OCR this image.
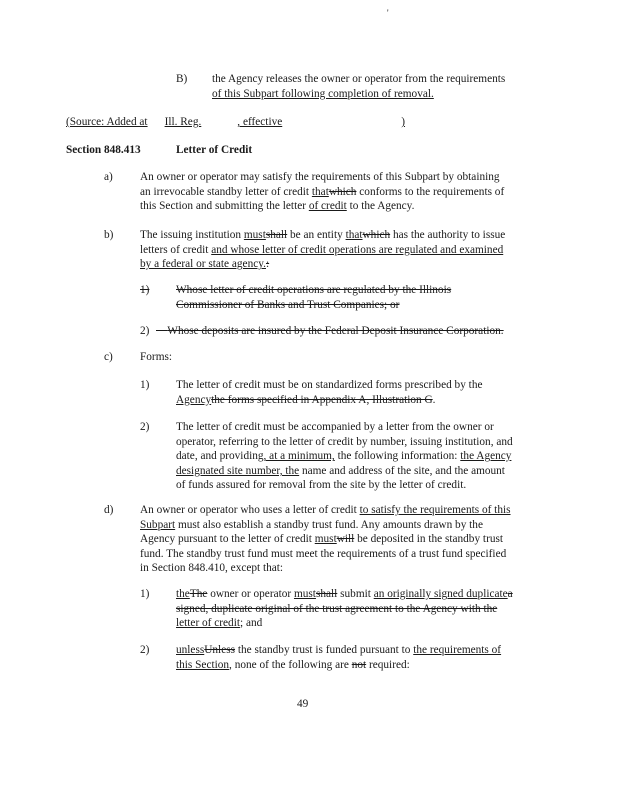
'
B) the Agency releases the owner or operator from the requirements
of this Subpart following completion of removal.
(Source: Added at Ill. Reg.	, effective	)
Section 848.413	Letter of Credit
a) An owner or operator may satisfy the requirements of this Subpart by obtaining
an irrevocable standby letter of credit thatwhich conforms to the requirements of
this Section and submitting the letter of credit to the Agency.
b) The issuing institution mustshall be an entity thatwhich has the authority to issue
letters of credit and whose letter of credit operations are regulated and examined
by a federal or state agency.:
1) Whose letter of credit operations are regulated by the Illinois
Commissioner of Banks and Trust Companies; or
2)	Whose deposits are insured by the Federal Deposit Insurance Corporation.
c) Forms:
1) The letter of credit must be on standardized forms prescribed by the
Agencythe forms specified in Appendix A, Illustration G.
2) The letter of credit must be accompanied by a letter from the owner or
operator, referring to the letter of credit by number, issuing institution, and
date, and providing, at a minimum, the following information: the Agency
designated site number, the name and address of the site, and the amount
of funds assured for removal from the site by the letter of credit.
d) An owner or operator who uses a letter of credit to satisfy the requirements of this
Subpart must also establish a standby trust fund. Any amounts drawn by the
Agency pursuant to the letter of credit mustwill be deposited in the standby trust
fund. The standby trust fund must meet the requirements of a trust fund specified
in Section 848.410, except that:
1) theThe owner or operator mustshall submit an originally signed duplicatea
signed, duplicate original of the trust agreement to the Agency with the
letter of credit; and
2) unlessUnless the standby trust is funded pursuant to the requirements of
this Section, none of the following are not required:
49
